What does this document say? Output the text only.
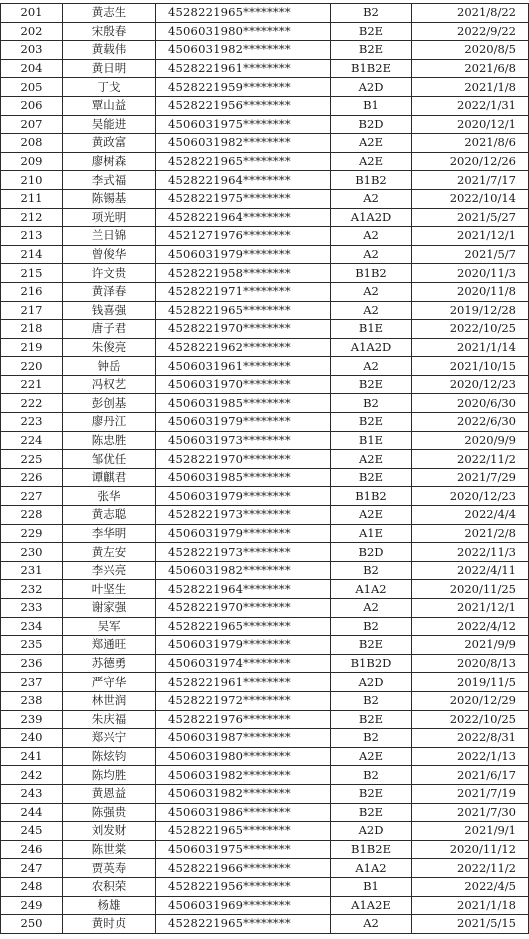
201	黄志生	4528221965********	B2	2021/8/22
202	宋殷春	4506031980********	B2E	2022/9/22
203	黄载伟	4506031982********	B2E	2020/8/5
204	黄日明	4528221961********	B1B2E	2021/6/8
205	丁戈	4528221959********	A2D	2021/1/8
206	覃山益	4528221956********	B1	2022/1/31
207	吴能进	4506031975********	B2D	2020/12/1
208	黄政富	4506031982********	A2E	2021/8/6
209	廖树森	4528221965********	A2E	2020/12/26
210	李式福	4528221964********	B1B2	2021/7/17
211	陈锡基	4528221975********	A2	2022/10/14
212	项光明	4528221964********	A1A2D	2021/5/27
213	兰日锦	4521271976********	A2	2021/12/1
214	曾俊华	4506031979********	A2	2021/5/7
215	许文贵	4528221958********	B1B2	2020/11/3
216	黄泽春	4528221971********	A2	2020/11/8
217	钱喜强	4528221965********	A2	2019/12/28
218	唐子君	4528221970********	B1E	2022/10/25
219	朱俊亮	4528221962********	A1A2D	2021/1/14
220	钟岳	4506031961********	A2	2021/10/15
221	冯权艺	4506031970********	B2E	2020/12/23
222	彭创基	4506031985********	B2	2020/6/30
223	廖丹江	4506031979********	B2E	2022/6/30
224	陈忠胜	4506031973********	B1E	2020/9/9
225	邹优任	4528221970********	A2E	2022/11/2
226	谭麒君	4506031985********	B2E	2021/7/29
227	张华	4506031979********	B1B2	2020/12/23
228	黄志聪	4528221973********	A2E	2022/4/4
229	李华明	4506031979********	A1E	2021/2/8
230	黄左安	4528221973********	B2D	2022/11/3
231	李兴亮	4506031982********	B2	2022/4/11
232	叶坚生	4528221964********	A1A2	2020/11/25
233	谢家强	4528221970********	A2	2021/12/1
234	吴军	4528221965********	B2	2022/4/12
235	郑通旺	4506031979********	B2E	2021/9/9
236	苏德勇	4506031974********	B1B2D	2020/8/13
237	严守华	4528221961********	A2D	2019/11/5
238	林世润	4528221972********	B2	2020/12/29
239	朱庆福	4528221976********	B2E	2022/10/25
240	郑兴宁	4506031987********	B2	2022/8/31
241	陈炫钧	4506031980********	A2E	2022/1/13
242	陈均胜	4506031982********	B2	2021/6/17
243	黄恩益	4506031982********	B2E	2021/7/19
244	陈强贵	4506031986********	B2E	2021/7/30
245	刘发财	4528221965********	A2D	2021/9/1
246	陈世棠	4506031975********	B1B2E	2020/11/12
247	贾英寿	4528221966********	A1A2	2022/11/2
248	农积荣	4528221956********	B1	2022/4/5
249	杨雄	4506031969********	A1A2E	2021/1/18
250	黄时贞	4528221965********	A2	2021/5/15
